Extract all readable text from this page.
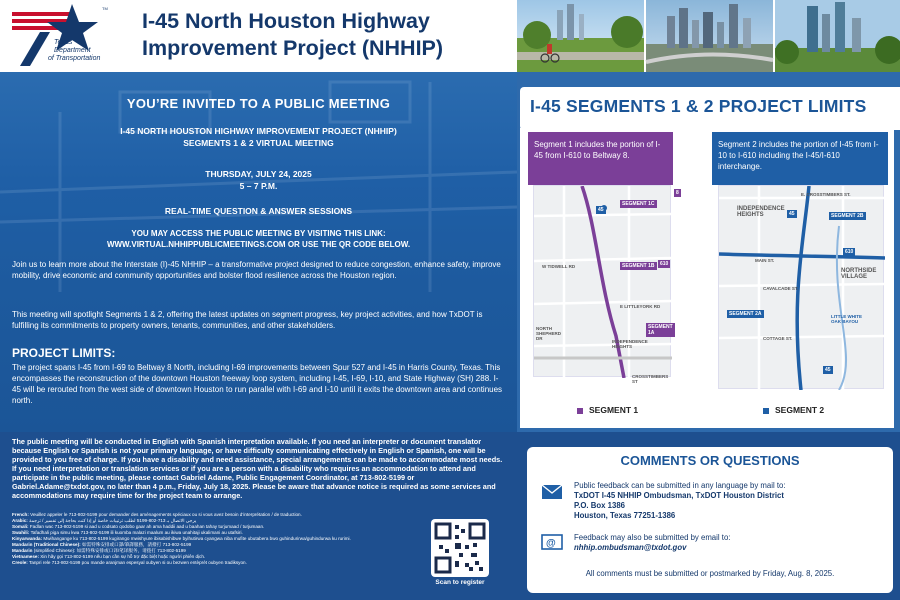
Texas
Department
of Transportation
TM
I-45 North Houston Highway
Improvement Project (NHHIP)
YOU’RE INVITED TO A PUBLIC MEETING
I-45 NORTH HOUSTON HIGHWAY IMPROVEMENT PROJECT (NHHIP)
SEGMENTS 1 & 2 VIRTUAL MEETING
THURSDAY, JULY 24, 2025
5 – 7 P.M.
REAL-TIME QUESTION & ANSWER SESSIONS
YOU MAY ACCESS THE PUBLIC MEETING BY VISITING THIS LINK:
WWW.VIRTUAL.NHHIPPUBLICMEETINGS.COM OR USE THE QR CODE BELOW.
Join us to learn more about the Interstate (I)-45 NHHIP – a transformative project designed to reduce congestion, enhance safety, improve mobility, drive economic and community opportunities and bolster flood resilience across the Houston region.
This meeting will spotlight Segments 1 & 2, offering the latest updates on segment progress, key project activities, and how TxDOT is fulfilling its commitments to property owners, tenants, communities, and other stakeholders.
PROJECT LIMITS:
The project spans I-45 from I-69 to Beltway 8 North, including I-69 improvements between Spur 527 and I-45 in Harris County, Texas. This encompasses the reconstruction of the downtown Houston freeway loop system, including I-45, I-69, I-10, and State Highway (SH) 288. I-45 will be rerouted from the west side of downtown Houston to run parallel with I-69 and I-10 until it exits the downtown area and continues north.
I-45 SEGMENTS 1 & 2 PROJECT LIMITS
Segment 1 includes the portion of I-45 from I-610 to Beltway 8.
Segment 2 includes the portion of I-45 from I-10 to I-610 including the I-45/I-610 interchange.
SEGMENT 1C
SEGMENT 1B
SEGMENT 1A
E LITTLEYORK RD
INDEPENDENCE HEIGHTS
CROSSTIMBERS ST
W TIDWELL RD
NORTH SHEPHERD DR
45
8
610
E. CROSSTIMBERS ST.
INDEPENDENCE HEIGHTS	SEGMENT 2B
NORTHSIDE VILLAGE
CAVALCADE ST.
SEGMENT 2A	LITTLE WHITE OAK BAYOU
COTTAGE ST.
MAIN ST.
45
610
45
SEGMENT 1	SEGMENT 2
The public meeting will be conducted in English with Spanish interpretation available. If you need an interpreter or document translator because English or Spanish is not your primary language, or have difficulty communicating effectively in English or Spanish, one will be provided to you free of charge. If you have a disability and need assistance, special arrangements can be made to accommodate most needs. If you need interpretation or translation services or if you are a person with a disability who requires an accommodation to attend and participate in the public meeting, please contact Gabriel Adame, Public Engagement Coordinator, at 713-802-5199 or Gabriel.Adame@txdot.gov, no later than 4 p.m., Friday, July 18, 2025. Please be aware that advance notice is required as some services and accommodations may require time for the project team to arrange.
French: Veuillez appeler le 713-802-5199 pour demander des aménagements spéciaux ou si vous avez besoin d’interprétation / de traduction.
Arabic: يرجى الاتصال بـ 713-802-5199 لطلب ترتيبات خاصة أو إذا كنت بحاجة إلى تفسير / ترجمة
Somali: Fadlan wac 713-802-5199 si aad u codsato qodobo gaar ah ama haddii aad u baahan tahay turjumaad / turjumaan.
Swahili: Tafadhali piga simu kwa 713-802-5199 ili kuomba malazi maalum au ikiwa unahitaji ukalimani au utafsiri.
Kinyarwanda: Mwihangange ku 713-802-5199 kugirango mwishyure ibisabishibwe byihutirwa cyangwa niba mufite ubutabera bwo guhindurirwa/guhindurwa ku rurimi.
Mandarin (Traditional Chinese): 如需特殊安排或口譯/筆譯服務，請撥打 713-802-5199
Mandarin (simplified Chinese): 如需特殊安排或口译/笔译服务，请拨打 713-802-5199
Vietnamese: Xin hãy gọi 713-802-5199 nếu bạn cần sự hỗ trợ đặc biệt hoặc người phiên dịch.
Creole: Tanpri rele 713-802-5199 pou mande aranjman espesyal oubyen si ou bezwen entèprèt oubyen tradiksyon.
Scan to register
COMMENTS OR QUESTIONS
Public feedback can be submitted in any language by mail to:
TxDOT I-45 NHHIP Ombudsman, TxDOT Houston District
P.O. Box 1386
Houston, Texas 77251-1386
@
Feedback may also be submitted by email to:
nhhip.ombudsman@txdot.gov
All comments must be submitted or postmarked by Friday, Aug. 8, 2025.
